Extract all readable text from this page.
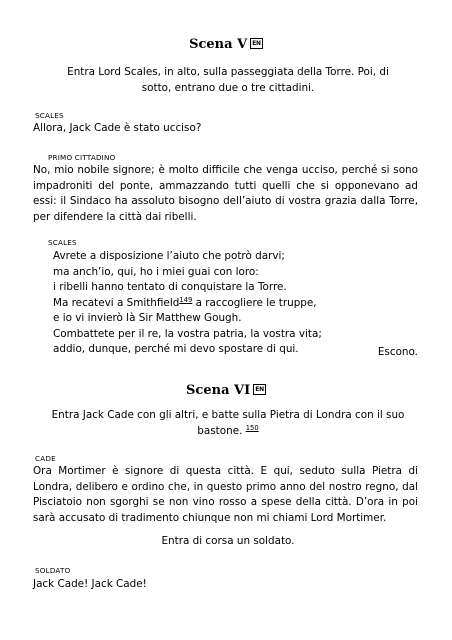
Scena V EN
Entra Lord Scales, in alto, sulla passeggiata della Torre. Poi, di sotto, entrano due o tre cittadini.
SCALES
Allora, Jack Cade è stato ucciso?
PRIMO CITTADINO
No, mio nobile signore; è molto difficile che venga ucciso, perché si sono impadroniti del ponte, ammazzando tutti quelli che si opponevano ad essi: il Sindaco ha assoluto bisogno dell’aiuto di vostra grazia dalla Torre, per difendere la città dai ribelli.
SCALES
Avrete a disposizione l’aiuto che potrò darvi;
ma anch’io, qui, ho i miei guai con loro:
i ribelli hanno tentato di conquistare la Torre.
Ma recatevi a Smithfield$^{149}$ a raccogliere le truppe,
e io vi invierò là Sir Matthew Gough.
Combattete per il re, la vostra patria, la vostra vita;
addio, dunque, perché mi devo spostare di qui.	Escono.
Scena VI EN
Entra Jack Cade con gli altri, e batte sulla Pietra di Londra con il suo
bastone. $^{150}$
CADE
Ora Mortimer è signore di questa città. E qui, seduto sulla Pietra di Londra, delibero e ordino che, in questo primo anno del nostro regno, dal Pisciatoio non sgorghi se non vino rosso a spese della città. D’ora in poi sarà accusato di tradimento chiunque non mi chiami Lord Mortimer.
Entra di corsa un soldato.
SOLDATO
Jack Cade! Jack Cade!
